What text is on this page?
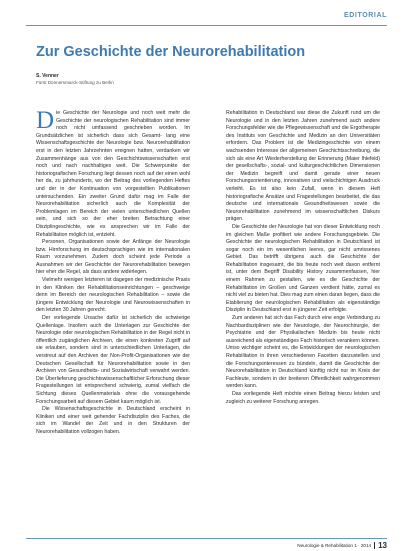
EDITORIAL
Zur Geschichte der Neurorehabilitation
S. Venner
Fürst Donnersmarck-Stiftung zu Berlin

Die Geschichte der Neurologie und noch weit mehr die Geschichte der neurologischen Rehabilitation sind immer noch nicht umfassend geschrieben worden. Im Grundsätzlichen ist sicherlich dass sich Gesamt- lang eine Wissenschaftsgeschichte der Neurologie bzw. Neurorehabilitation erst in den letzten Jahrzehnten ereignen hatten, verdanken wir Zusammenhänge aus von den Geschichtswissenschaften erst noch und nach nachhaltiges weit. Die Schwerpunkte der historiografischen Forschung liegt dessen noch auf der einen wohl her da, zu jahrhunderts, wo der Beitrag des vorliegenden Heftes und der in der Kontinuation von vorgestellten Publikationen untersuchenden. Ein zweiter Grund dafür mag im Falle der Neurorehabilitation sicherlich auch die Komplexität der Problemlagen im Bereich der vielen unterschiedlichen Quellen sein, und sich so der eher breiten Betrachtung einer Disziplingeschichte, wie es ansprechen wir im Falle der Rehabilitation möglich ist, entzieht.

Personen, Organisationen sowie der Anfänge der Neurologie bzw. Hirnforschung im deutschsprachigen wie im internationalen Raum vorzunehmen. Zudem doch scheint jede Periode a Ausnahmen wir der Geschichte der Neurorehabilitation bewegen hier eher die Regel, als dass andere widerlegen.

Vielmehr wenigen letzteren ist dagegen der medizinische Praxis in den Kliniken der Rehabilitationseinrichtungen – geschweige denn im Bereich der neurologischen Rehabilitation – sowie die jüngere Entwicklung der Neurologie und Neurowissenschaften in den letzten 30 Jahren gerecht.

Der vorliegende Ursache dafür ist sicherlich die schwierige Quellenlage. Insofern auch die Unterlagen zur Geschichte der Neurologie oder neurologischen Rehabilitation in der Regel nicht in öffentlich zugänglichen Archiven, die einen konkreten Zugriff auf sie erlauben, sondern sind in unterschiedlichen Unterlagen, die verstreut auf den Archiven der Non-Profit-Organisationen wie der Deutschen Gesellschaft für Neurorehabilitation sowie in den Archiven von Gesundheits- und Sozialwirtschaft verwahrt werden. Die Überlieferung geschichtswissenschaftlicher Erforschung dieser Fragestellungen ist entsprechend schwierig, zumal vielfach die Sichtung dieses Quellenmaterials ohne die vorausgehende Forschungsarbeit auf diesem Gebiet kaum möglich ist.

Die Wissenschaftsgeschichte in Deutschland erscheint in Kliniken und einer weit gehender Fachdisziplin des Faches, die sich im Wandel der Zeit und in den Strukturen der Neurorehabilitation vollzogen haben.

Rehabilitation in Deutschland war diese die Zukunft rund um die Neurologie und in den letzten Jahren zunehmend auch andere Forschungsfelder wie die Pflegewissenschaft und die Ergotherapie des Instituts von Geschichte und Medizin an den Universitäten erfordern. Das Problem ist die Medizingeschichte von einem wachsenden Interesse der allgemeinen Geschichtsschreibung, die sich als eine Art Wiederherstellung der Erinnerung (Maier Ihlefeld) der gesellschafts-, sozial- und kulturgeschichtlichen Dimensionen der Medizin begreift und damit gerade einer neuen Forschungsorientierung, innovativen und vielschichtigen Ausdruck verleiht. Es ist also kein Zufall, wenn in diesem Heft historiografische Ansätze und Fragestellungen bearbeitet, die das deutsche und internationale Gesundheitswesen sowie die Neurorehabilitation zunehmend im wissenschaftlichen Diskurs prägen.

Die Geschichte der Neurologie hat von dieser Entwicklung noch im gleichen Maße profitiert wie andere Forschungsgebiete. Die Geschichte der neurologischen Rehabilitation in Deutschland ist sogar noch ein im wesentlichen leeres, gar nicht umrissenes Gebiet. Das betrifft übrigens auch die Geschichte der Rehabilitation insgesamt, die bis heute noch weit davon entfernt ist, unter dem Begriff Disability History zusammenfassen, hier einem Rahmen zu gestalten, wie es die Geschichte der Rehabilitation im Großen und Ganzen verdient hätte, zumal es nicht viel zu bieten hat. Dies mag zum einen daran liegen, dass die Etablierung der neurologischen Rehabilitation als eigenständige Disziplin in Deutschland erst in jüngerer Zeit erfolgte.

Zum anderen hat sich das Fach durch eine enge Verbindung zu Nachbardisziplinen wie der Neurologie, der Neurochirurgie, der Psychiatrie und der Physikalischen Medizin bis heute nicht ausreichend als eigenständiges Fach historisch verankern können. Umso wichtiger scheint es, die Entwicklungen der neurologischen Rehabilitation in ihren verschiedenen Facetten darzustellen und die Forschungsinteressen zu bündeln, damit die Geschichte der Neurorehabilitation in Deutschland künftig nicht nur im Kreis der Fachleute, sondern in der breiteren Öffentlichkeit wahrgenommen werden kann.

Das vorliegende Heft möchte einen Beitrag hierzu leisten und zugleich zu weiterer Forschung anregen.

Neurologie & Rehabilitation 1 · 2014 13
